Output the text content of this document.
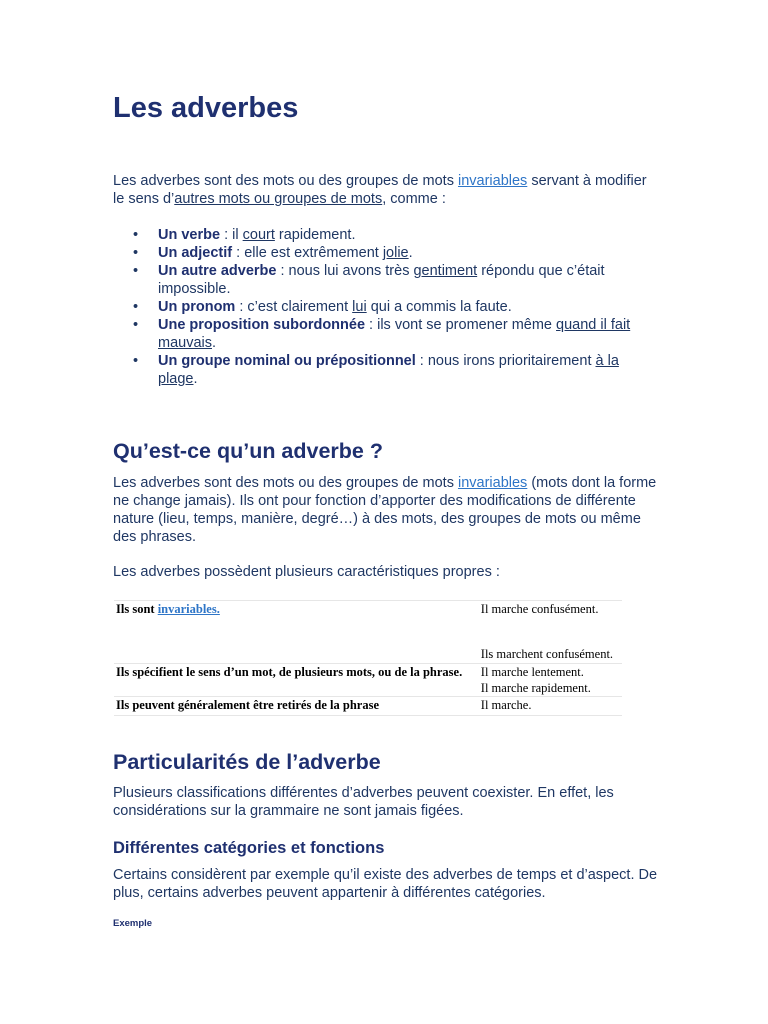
Les adverbes

Les adverbes sont des mots ou des groupes de mots invariables servant à modifier le sens d’autres mots ou groupes de mots, comme :

• Un verbe : il court rapidement.
• Un adjectif : elle est extrêmement jolie.
• Un autre adverbe : nous lui avons très gentiment répondu que c’était impossible.
• Un pronom : c’est clairement lui qui a commis la faute.
• Une proposition subordonnée : ils vont se promener même quand il fait mauvais.
• Un groupe nominal ou prépositionnel : nous irons prioritairement à la plage.
Qu’est-ce qu’un adverbe ?

Les adverbes sont des mots ou des groupes de mots invariables (mots dont la forme ne change jamais). Ils ont pour fonction d’apporter des modifications de différente nature (lieu, temps, manière, degré…) à des mots, des groupes de mots ou même des phrases.

Les adverbes possèdent plusieurs caractéristiques propres :

Ils sont invariables.	Il marche confusément.
Ils marchent confusément.

Ils spécifient le sens d’un mot, de plusieurs mots, ou de la phrase.	Il marche lentement.
Il marche rapidement.

Ils peuvent généralement être retirés de la phrase	Il marche.
Particularités de l’adverbe

Plusieurs classifications différentes d’adverbes peuvent coexister. En effet, les considérations sur la grammaire ne sont jamais figées.

Différentes catégories et fonctions

Certains considèrent par exemple qu’il existe des adverbes de temps et d’aspect. De plus, certains adverbes peuvent appartenir à différentes catégories.

Exemple
